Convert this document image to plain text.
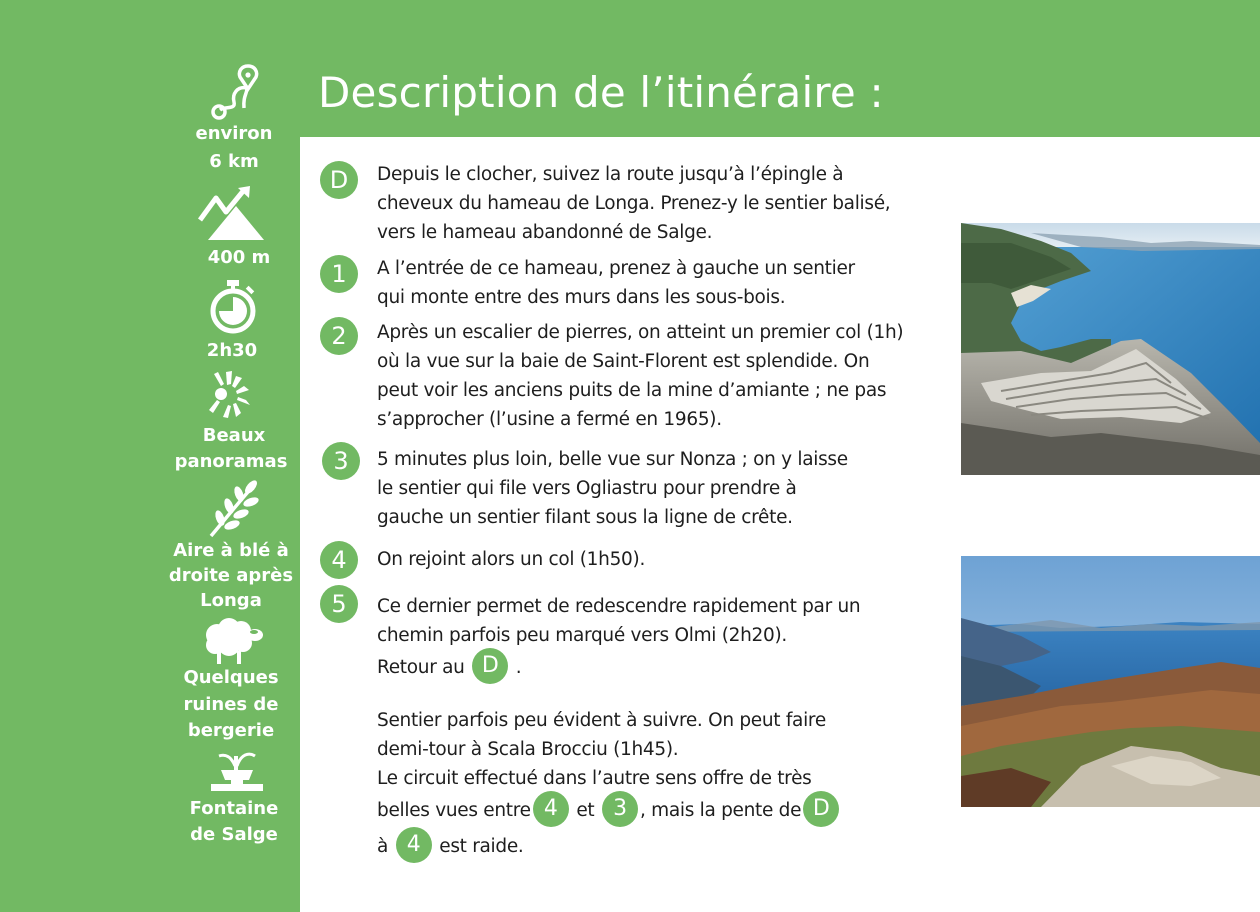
Description de l’itinéraire :
environ
6 km
400 m
2h30
Beaux
panoramas
Aire à blé à
droite après
Longa
Quelques
ruines de
bergerie
Fontaine
de Salge
D	Depuis le clocher, suivez la route jusqu’à l’épingle à
cheveux du hameau de Longa. Prenez-y le sentier balisé,
vers le hameau abandonné de Salge.

1	A l’entrée de ce hameau, prenez à gauche un sentier
qui monte entre des murs dans les sous-bois.

2	Après un escalier de pierres, on atteint un premier col (1h)
où la vue sur la baie de Saint-Florent est splendide. On
peut voir les anciens puits de la mine d’amiante ; ne pas
s’approcher (l’usine a fermé en 1965).

3	5 minutes plus loin, belle vue sur Nonza ; on y laisse
le sentier qui file vers Ogliastru pour prendre à
gauche un sentier filant sous la ligne de crête.

4	On rejoint alors un col (1h50).

5	Ce dernier permet de redescendre rapidement par un
chemin parfois peu marqué vers Olmi (2h20).
Retour au D .

Sentier parfois peu évident à suivre. On peut faire
demi-tour à Scala Brocciu (1h45).
Le circuit effectué dans l’autre sens offre de très
belles vues entre 4 et 3 , mais la pente de D
à 4 est raide.
